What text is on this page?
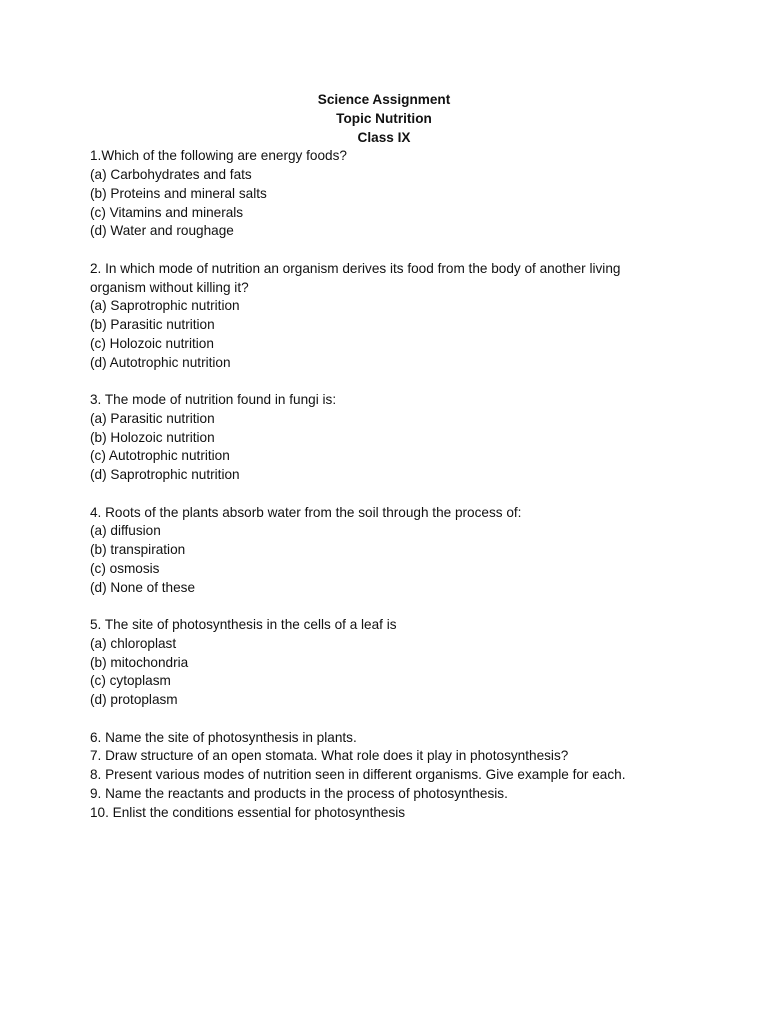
Science Assignment
Topic Nutrition
Class IX
1.Which of the following are energy foods?
(a) Carbohydrates and fats
(b) Proteins and mineral salts
(c) Vitamins and minerals
(d) Water and roughage
2. In which mode of nutrition an organism derives its food from the body of another living
organism without killing it?
(a) Saprotrophic nutrition
(b) Parasitic nutrition
(c) Holozoic nutrition
(d) Autotrophic nutrition
3. The mode of nutrition found in fungi is:
(a) Parasitic nutrition
(b) Holozoic nutrition
(c) Autotrophic nutrition
(d) Saprotrophic nutrition
4. Roots of the plants absorb water from the soil through the process of:
(a) diffusion
(b) transpiration
(c) osmosis
(d) None of these
5. The site of photosynthesis in the cells of a leaf is
(a) chloroplast
(b) mitochondria
(c) cytoplasm
(d) protoplasm
6. Name the site of photosynthesis in plants.
7. Draw structure of an open stomata. What role does it play in photosynthesis?
8. Present various modes of nutrition seen in different organisms. Give example for each.
9. Name the reactants and products in the process of photosynthesis.
10. Enlist the conditions essential for photosynthesis
